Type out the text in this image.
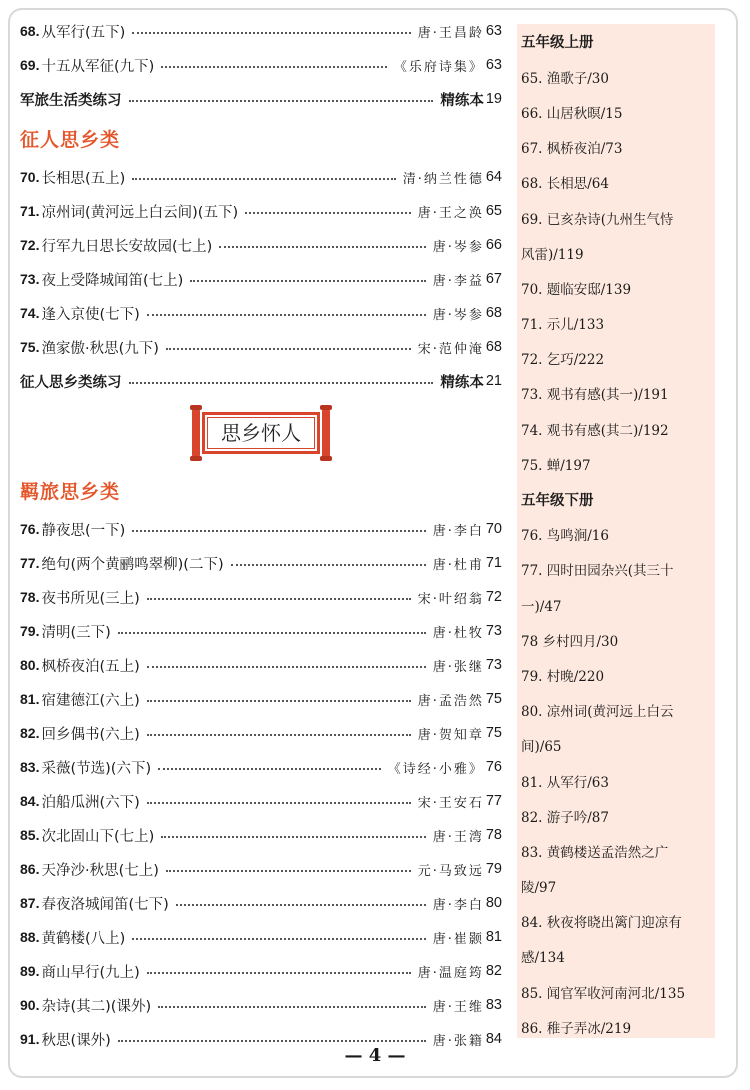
68. 从军行(五下)	唐·王昌龄 63
69. 十五从军征(九下)	《乐府诗集》 63
军旅生活类练习	精练本 19
征人思乡类
70. 长相思(五上)	清·纳兰性德 64
71. 凉州词(黄河远上白云间)(五下)	唐·王之涣 65
72. 行军九日思长安故园(七上)	唐·岑参 66
73. 夜上受降城闻笛(七上)	唐·李益 67
74. 逢入京使(七下)	唐·岑参 68
75. 渔家傲·秋思(九下)	宋·范仲淹 68
征人思乡类练习	精练本 21
思乡怀人
羁旅思乡类
76. 静夜思(一下)	唐·李白 70
77. 绝句(两个黄鹂鸣翠柳)(二下)	唐·杜甫 71
78. 夜书所见(三上)	宋·叶绍翁 72
79. 清明(三下)	唐·杜牧 73
80. 枫桥夜泊(五上)	唐·张继 73
81. 宿建德江(六上)	唐·孟浩然 75
82. 回乡偶书(六上)	唐·贺知章 75
83. 采薇(节选)(六下)	《诗经·小雅》 76
84. 泊船瓜洲(六下)	宋·王安石 77
85. 次北固山下(七上)	唐·王湾 78
86. 天净沙·秋思(七上)	元·马致远 79
87. 春夜洛城闻笛(七下)	唐·李白 80
88. 黄鹤楼(八上)	唐·崔颢 81
89. 商山早行(九上)	唐·温庭筠 82
90. 杂诗(其二)(课外)	唐·王维 83
91. 秋思(课外)	唐·张籍 84
五年级上册
65. 渔歌子/30
66. 山居秋暝/15
67. 枫桥夜泊/73
68. 长相思/64
69. 已亥杂诗(九州生气恃
风雷)/119
70. 题临安邸/139
71. 示儿/133
72. 乞巧/222
73. 观书有感(其一)/191
74. 观书有感(其二)/192
75. 蝉/197
五年级下册
76. 鸟鸣涧/16
77. 四时田园杂兴(其三十
一)/47
78 乡村四月/30
79. 村晚/220
80. 凉州词(黄河远上白云
间)/65
81. 从军行/63
82. 游子吟/87
83. 黄鹤楼送孟浩然之广
陵/97
84. 秋夜将晓出篱门迎凉有
感/134
85. 闻官军收河南河北/135
86. 稚子弄冰/219
— 4 —
